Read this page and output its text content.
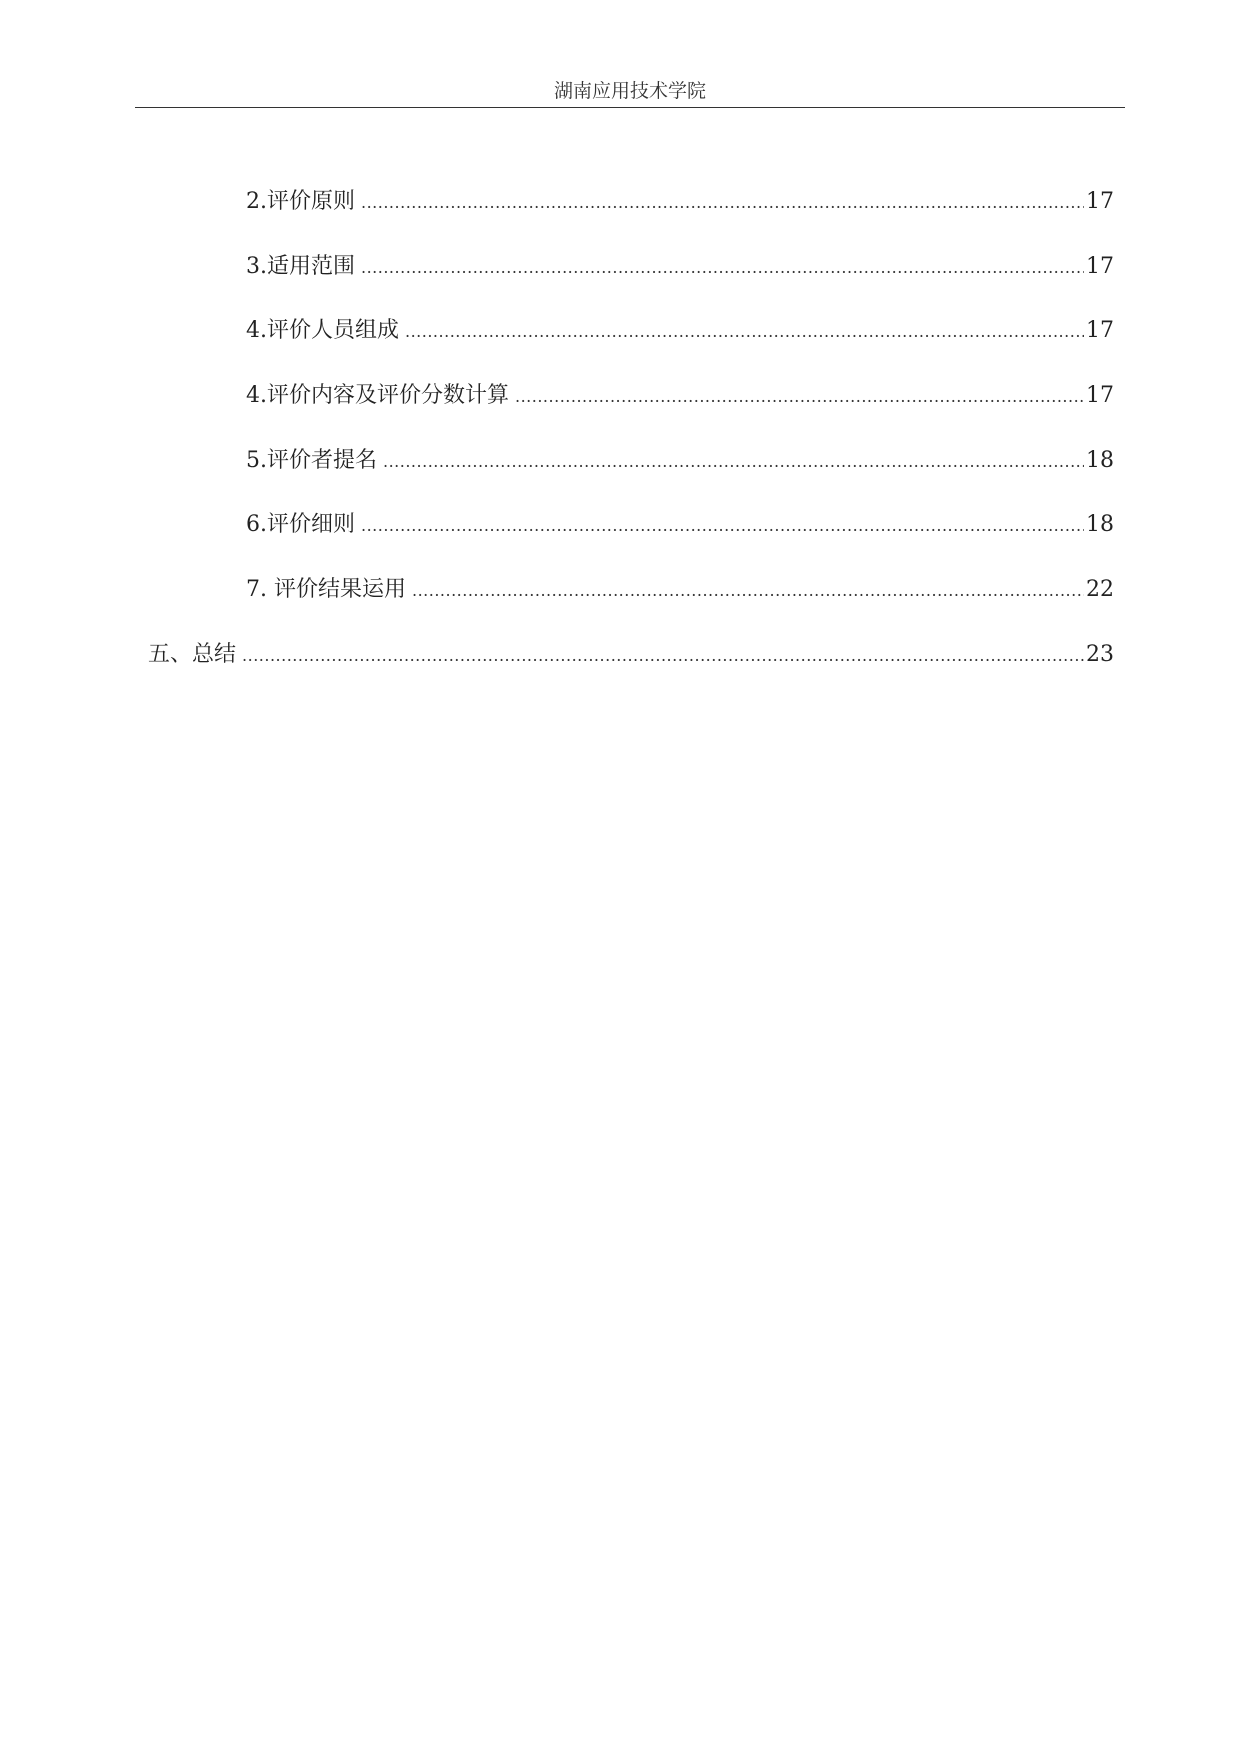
湖南应用技术学院
2.评价原则 .....	17
3.适用范围 .....	17
4.评价人员组成 .....	17
4.评价内容及评价分数计算 .....	17
5.评价者提名 .....	18
6.评价细则 .....	18
7. 评价结果运用 .....	22
五、总结 .....	23
